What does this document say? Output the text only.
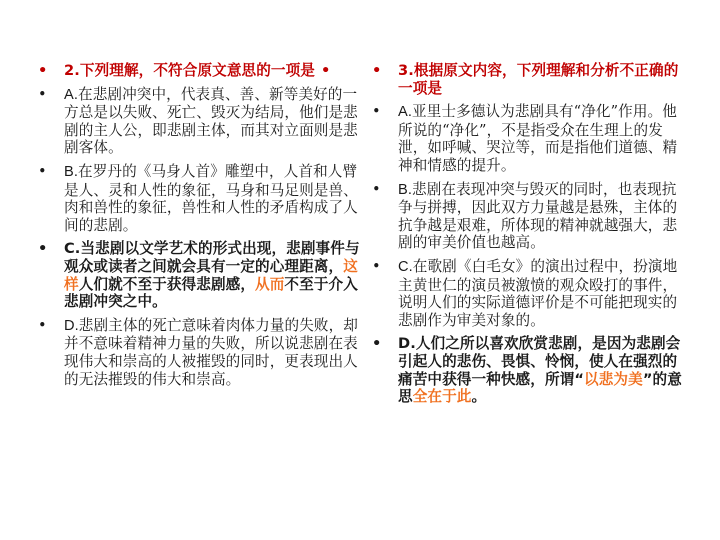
•	2.下列理解，不符合原文意思的一项是 •
•	A.在悲剧冲突中，代表真、善、新等美好的一方总是以失败、死亡、毁灭为结局，他们是悲剧的主人公，即悲剧主体，而其对立面则是悲剧客体。
•	B.在罗丹的《马身人首》雕塑中，人首和人臂是人、灵和人性的象征，马身和马足则是兽、肉和兽性的象征，兽性和人性的矛盾构成了人间的悲剧。
•	C.当悲剧以文学艺术的形式出现，悲剧事件与观众或读者之间就会具有一定的心理距离，这样人们就不至于获得悲剧感，从而不至于介入悲剧冲突之中。
•	D.悲剧主体的死亡意味着肉体力量的失败，却并不意味着精神力量的失败，所以说悲剧在表现伟大和崇高的人被摧毁的同时，更表现出人的无法摧毁的伟大和崇高。
•	3.根据原文内容，下列理解和分析不正确的一项是
•	A.亚里士多德认为悲剧具有“净化”作用。他所说的“净化”，不是指受众在生理上的发泄，如呼喊、哭泣等，而是指他们道德、精神和情感的提升。
•	B.悲剧在表现冲突与毁灭的同时，也表现抗争与拼搏，因此双方力量越是悬殊，主体的抗争越是艰难，所体现的精神就越强大，悲剧的审美价值也越高。
•	C.在歌剧《白毛女》的演出过程中，扮演地主黄世仁的演员被激愤的观众殴打的事件，说明人们的实际道德评价是不可能把现实的悲剧作为审美对象的。
•	D.人们之所以喜欢欣赏悲剧，是因为悲剧会引起人的悲伤、畏惧、怜悯，使人在强烈的痛苦中获得一种快感，所谓“以悲为美”的意思全在于此。
